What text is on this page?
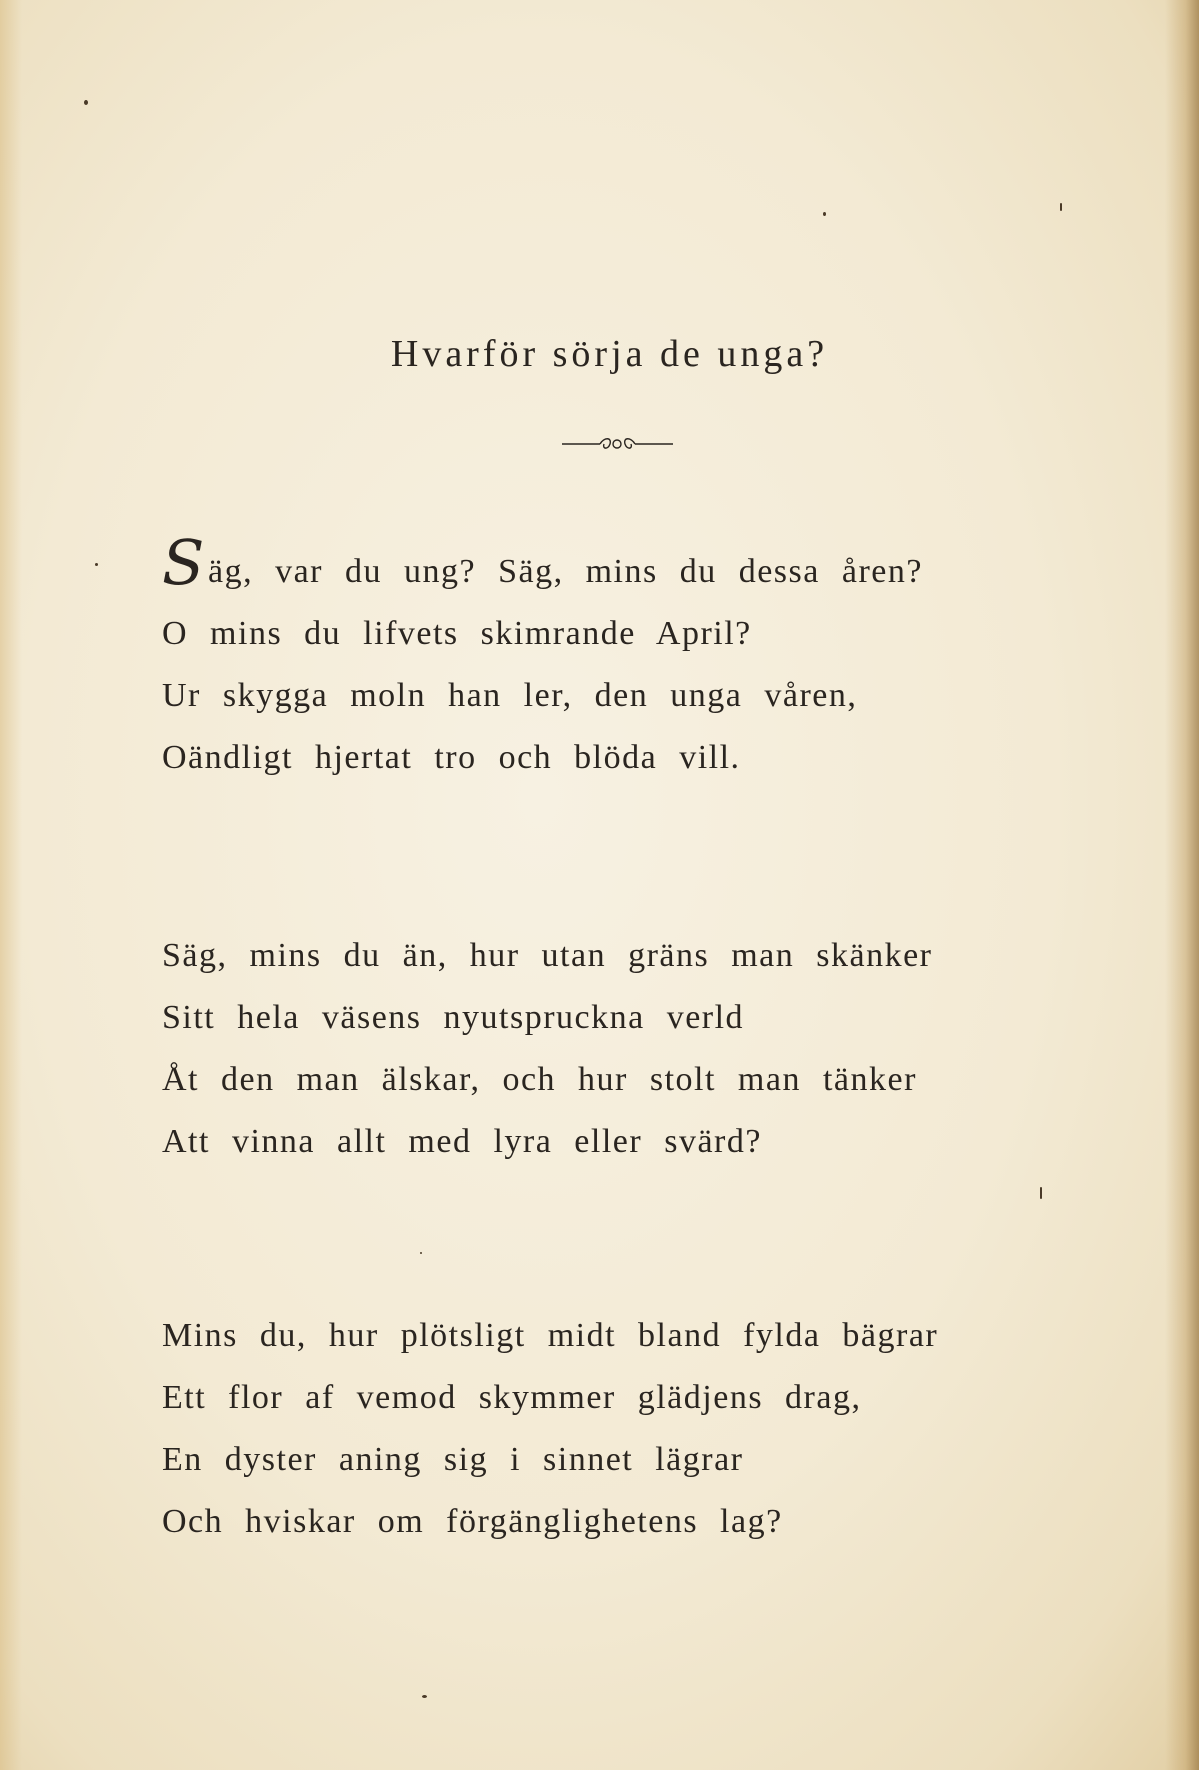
Hvarför sörja de unga?
Säg, var du ung? Säg, mins du dessa åren?
O mins du lifvets skimrande April?
Ur skygga moln han ler, den unga våren,
Oändligt hjertat tro och blöda vill.
Säg, mins du än, hur utan gräns man skänker
Sitt hela väsens nyutspruckna verld
Åt den man älskar, och hur stolt man tänker
Att vinna allt med lyra eller svärd?
Mins du, hur plötsligt midt bland fylda bägrar
Ett flor af vemod skymmer glädjens drag,
En dyster aning sig i sinnet lägrar
Och hviskar om förgänglighetens lag?
